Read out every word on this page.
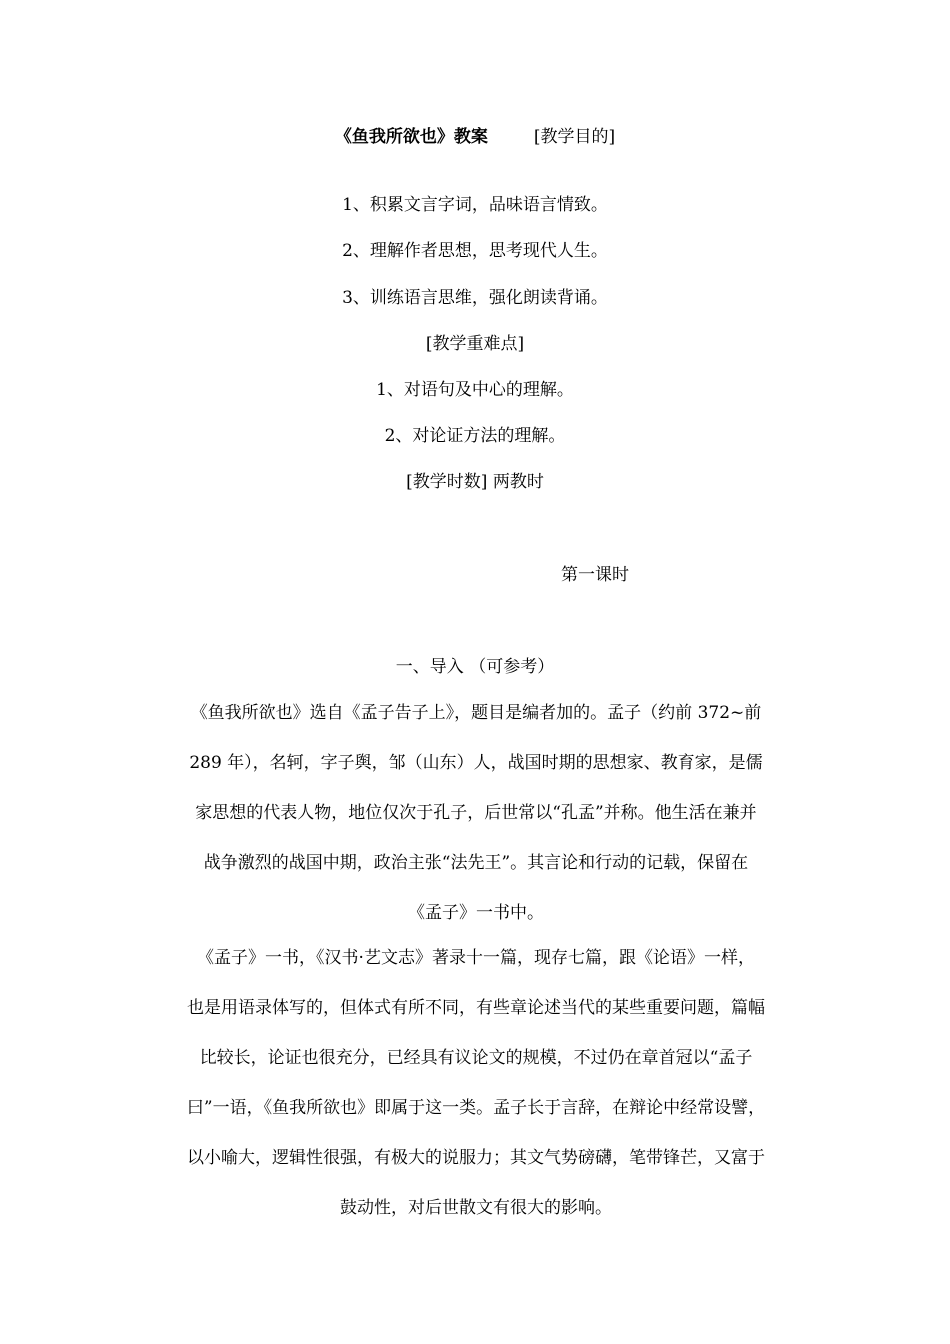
《鱼我所欲也》教案	[教学目的]
1、积累文言字词，品味语言情致。
2、理解作者思想，思考现代人生。
3、训练语言思维，强化朗读背诵。
[教学重难点]
1、对语句及中心的理解。
2、对论证方法的理解。
[教学时数] 两教时
第一课时
一、导入 （可参考）
《鱼我所欲也》选自《孟子告子上》，题目是编者加的。孟子（约前 372~前
289 年），名轲，字子舆，邹（山东）人，战国时期的思想家、教育家，是儒
家思想的代表人物，地位仅次于孔子，后世常以“孔孟”并称。他生活在兼并
战争激烈的战国中期，政治主张“法先王”。其言论和行动的记载，保留在
《孟子》一书中。
《孟子》一书，《汉书·艺文志》著录十一篇，现存七篇，跟《论语》一样，
也是用语录体写的，但体式有所不同，有些章论述当代的某些重要问题，篇幅
比较长，论证也很充分，已经具有议论文的规模，不过仍在章首冠以“孟子
曰”一语，《鱼我所欲也》即属于这一类。孟子长于言辞，在辩论中经常设譬，
以小喻大，逻辑性很强，有极大的说服力；其文气势磅礴，笔带锋芒，又富于
鼓动性，对后世散文有很大的影响。
